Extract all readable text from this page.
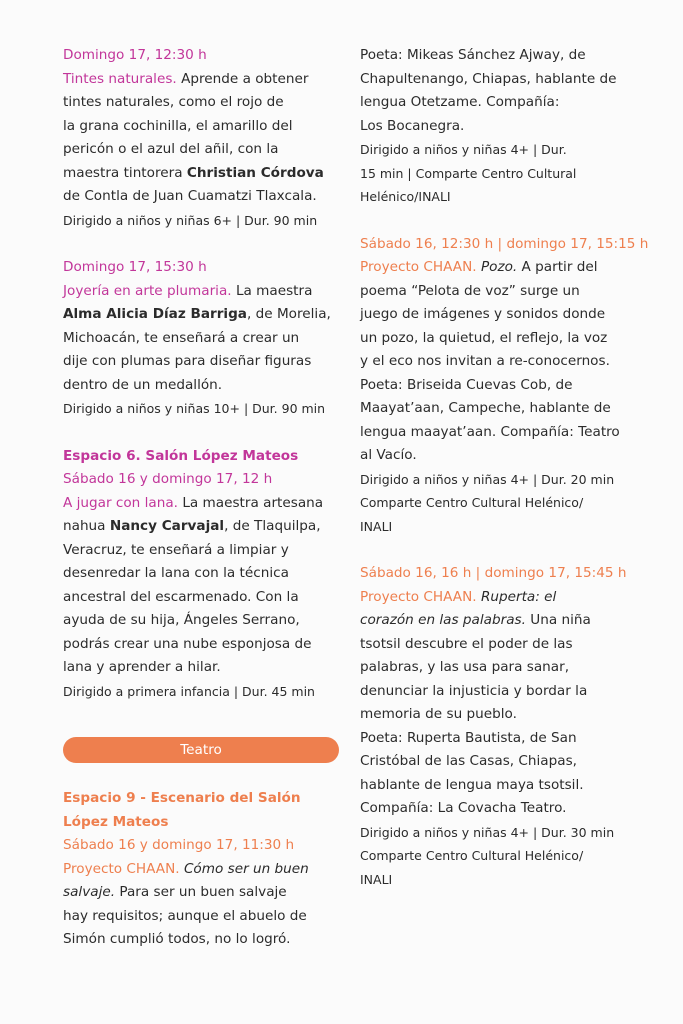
Domingo 17, 12:30 h

Tintes naturales. Aprende a obtener

tintes naturales, como el rojo de

la grana cochinilla, el amarillo del

pericón o el azul del añil, con la

maestra tintorera Christian Córdova

de Contla de Juan Cuamatzi Tlaxcala.

Dirigido a niños y niñas 6+ | Dur. 90 min

Domingo 17, 15:30 h

Joyería en arte plumaria. La maestra

Alma Alicia Díaz Barriga, de Morelia,

Michoacán, te enseñará a crear un

dije con plumas para diseñar figuras

dentro de un medallón.

Dirigido a niños y niñas 10+ | Dur. 90 min

Espacio 6. Salón López Mateos

Sábado 16 y domingo 17, 12 h

A jugar con lana. La maestra artesana

nahua Nancy Carvajal, de Tlaquilpa,

Veracruz, te enseñará a limpiar y

desenredar la lana con la técnica

ancestral del escarmenado. Con la

ayuda de su hija, Ángeles Serrano,

podrás crear una nube esponjosa de

lana y aprender a hilar.

Dirigido a primera infancia | Dur. 45 min

Teatro

Espacio 9 - Escenario del Salón

López Mateos

Sábado 16 y domingo 17, 11:30 h

Proyecto CHAAN. Cómo ser un buen

salvaje. Para ser un buen salvaje

hay requisitos; aunque el abuelo de

Simón cumplió todos, no lo logró.

Poeta: Mikeas Sánchez Ajway, de

Chapultenango, Chiapas, hablante de

lengua Otetzame. Compañía:

Los Bocanegra.

Dirigido a niños y niñas 4+ | Dur.

15 min | Comparte Centro Cultural

Helénico/INALI

Sábado 16, 12:30 h | domingo 17, 15:15 h

Proyecto CHAAN. Pozo. A partir del

poema “Pelota de voz” surge un

juego de imágenes y sonidos donde

un pozo, la quietud, el reflejo, la voz

y el eco nos invitan a re-conocernos.

Poeta: Briseida Cuevas Cob, de

Maayat’aan, Campeche, hablante de

lengua maayat’aan. Compañía: Teatro

al Vacío.

Dirigido a niños y niñas 4+ | Dur. 20 min

Comparte Centro Cultural Helénico/

INALI

Sábado 16, 16 h | domingo 17, 15:45 h

Proyecto CHAAN. Ruperta: el

corazón en las palabras. Una niña

tsotsil descubre el poder de las

palabras, y las usa para sanar,

denunciar la injusticia y bordar la

memoria de su pueblo.

Poeta: Ruperta Bautista, de San

Cristóbal de las Casas, Chiapas,

hablante de lengua maya tsotsil.

Compañía: La Covacha Teatro.

Dirigido a niños y niñas 4+ | Dur. 30 min

Comparte Centro Cultural Helénico/

INALI
